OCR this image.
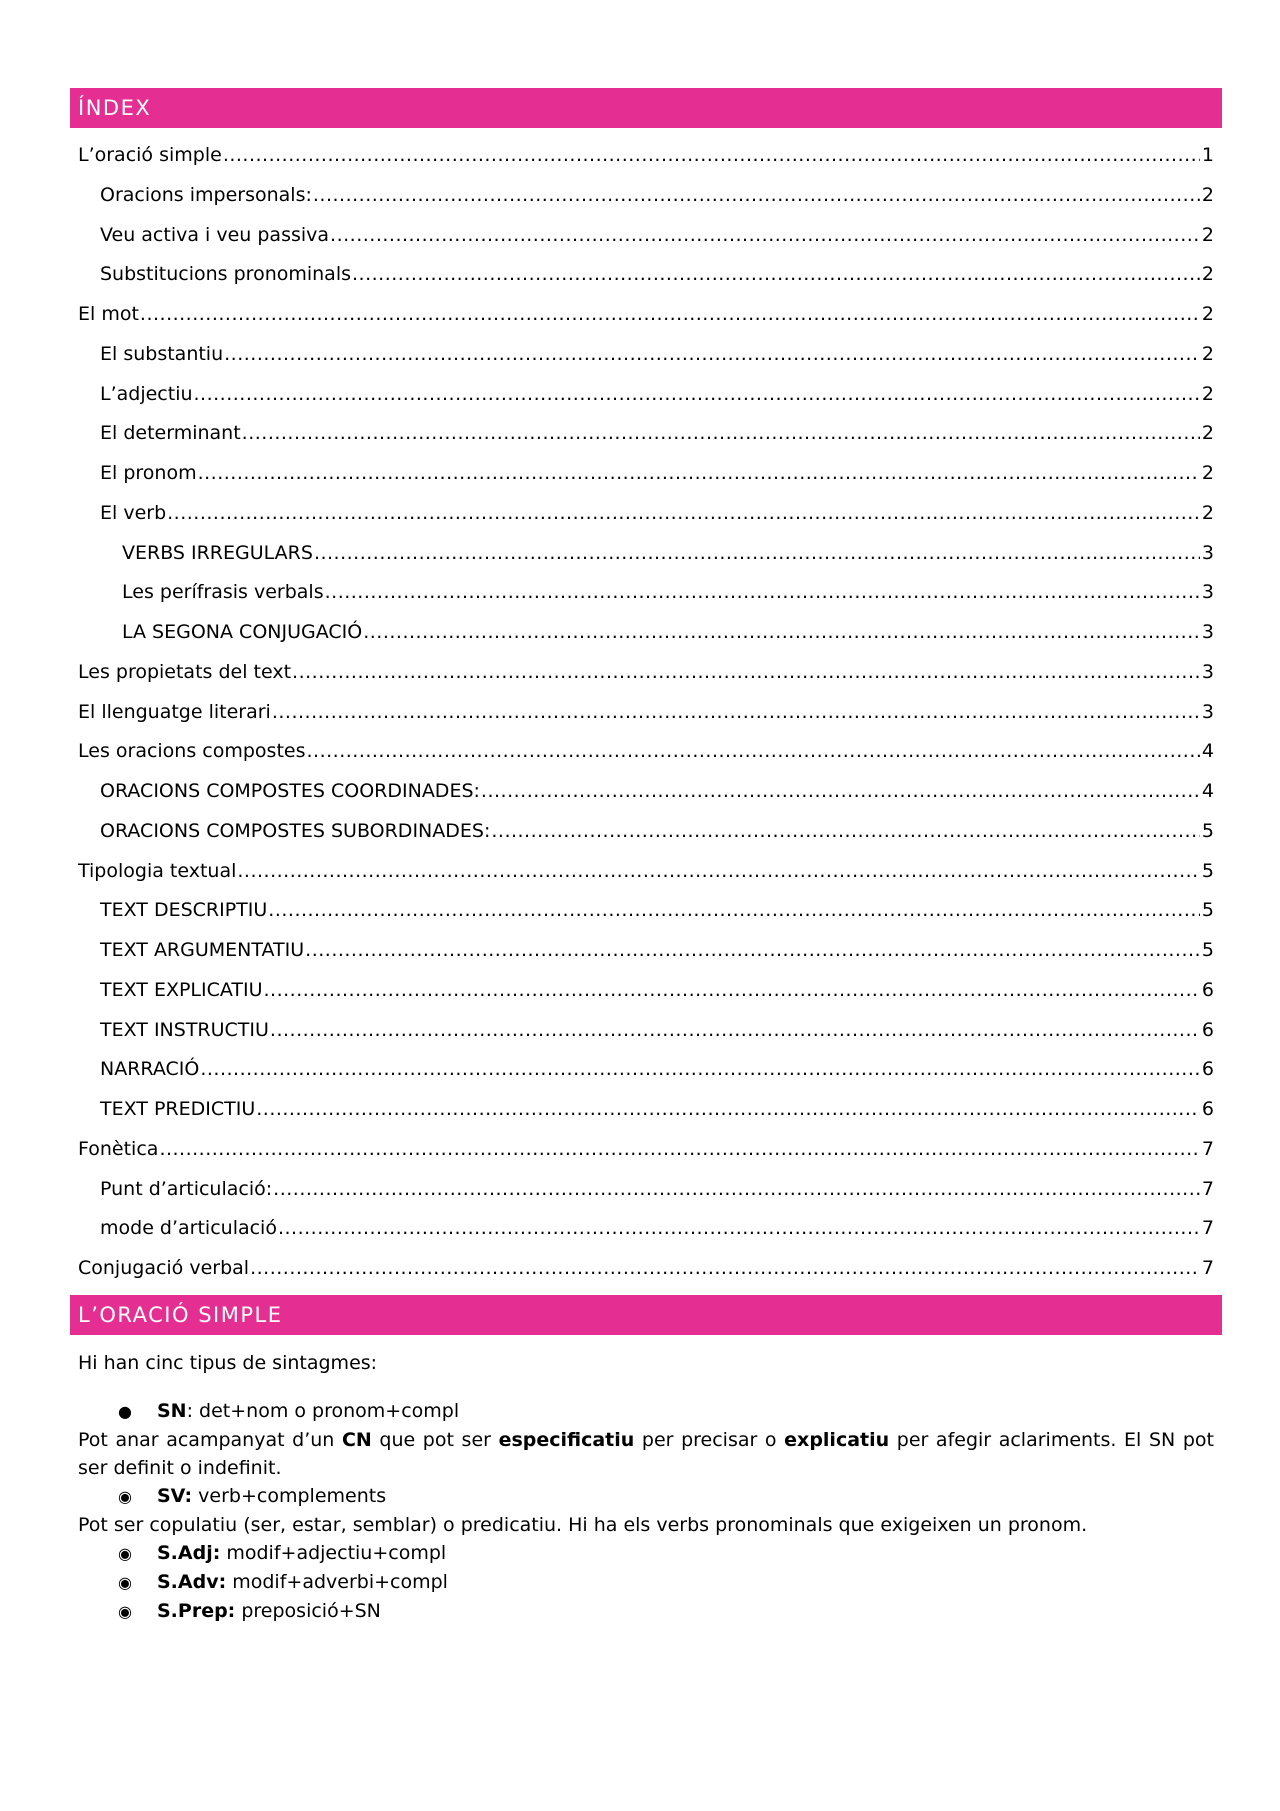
ÍNDEX
L’oració simple .....	1
Oracions impersonals: .....	2
Veu activa i veu passiva .....	2
Substitucions pronominals .....	2
El mot .....	2
El substantiu .....	2
L’adjectiu .....	2
El determinant .....	2
El pronom .....	2
El verb .....	2
VERBS IRREGULARS .....	3
Les perífrasis verbals .....	3
LA SEGONA CONJUGACIÓ .....	3
Les propietats del text .....	3
El llenguatge literari .....	3
Les oracions compostes .....	4
ORACIONS COMPOSTES COORDINADES: .....	4
ORACIONS COMPOSTES SUBORDINADES: .....	5
Tipologia textual .....	5
TEXT DESCRIPTIU .....	5
TEXT ARGUMENTATIU .....	5
TEXT EXPLICATIU .....	6
TEXT INSTRUCTIU .....	6
NARRACIÓ .....	6
TEXT PREDICTIU .....	6
Fonètica .....	7
Punt d’articulació: .....	7
mode d’articulació .....	7
Conjugació verbal .....	7
L’ORACIÓ SIMPLE

Hi han cinc tipus de sintagmes:

● SN: det+nom o pronom+compl

Pot anar acampanyat d’un CN que pot ser especificatiu per precisar o explicatiu per afegir aclariments. El SN pot ser definit o indefinit.

◉ SV: verb+complements

Pot ser copulatiu (ser, estar, semblar) o predicatiu. Hi ha els verbs pronominals que exigeixen un pronom.

◉ S.Adj: modif+adjectiu+compl
◉ S.Adv: modif+adverbi+compl
◉ S.Prep: preposició+SN
